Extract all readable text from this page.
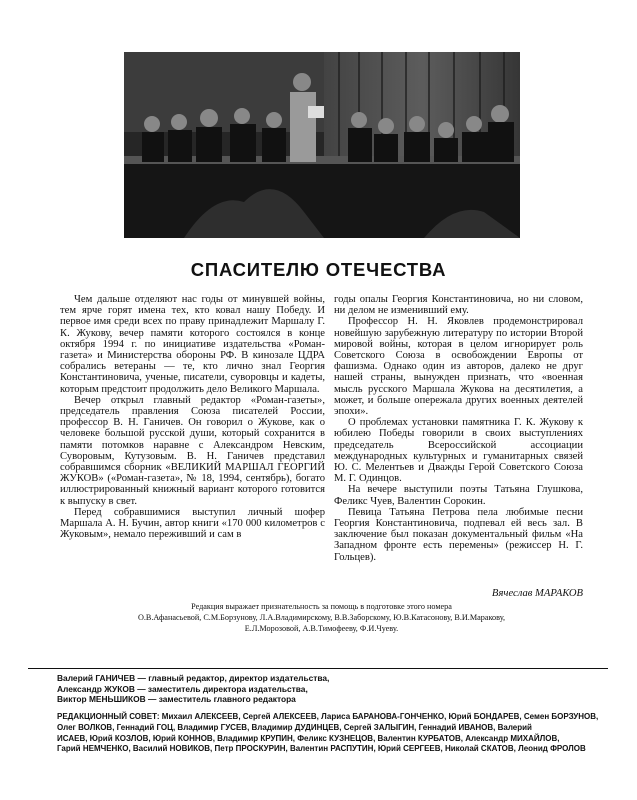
СПАСИТЕЛЮ ОТЕЧЕСТВА

Чем дальше отделяют нас годы от минувшей войны, тем ярче горят имена тех, кто ковал нашу Победу. И первое имя среди всех по праву принадлежит Маршалу Г. К. Жукову, вечер памяти которого состоялся в конце октября 1994 г. по инициативе издательства «Роман-газета» и Министерства обороны РФ. В кинозале ЦДРА собрались ветераны — те, кто лично знал Георгия Константиновича, ученые, писатели, суворовцы и кадеты, которым предстоит продолжить дело Великого Маршала.

Вечер открыл главный редактор «Роман-газеты», председатель правления Союза писателей России, профессор В. Н. Ганичев. Он говорил о Жукове, как о человеке большой русской души, который сохранится в памяти потомков наравне с Александром Невским, Суворовым, Кутузовым. В. Н. Ганичев представил собравшимся сборник «ВЕЛИКИЙ МАРШАЛ ГЕОРГИЙ ЖУКОВ» («Роман-газета», № 18, 1994, сентябрь), богато иллюстрированный книжный вариант которого готовится к выпуску в свет.

Перед собравшимися выступил личный шофер Маршала А. Н. Бучин, автор книги «170 000 километров с Жуковым», немало переживший и сам в

годы опалы Георгия Константиновича, но ни словом, ни делом не изменивший ему.

Профессор Н. Н. Яковлев продемонстрировал новейшую зарубежную литературу по истории Второй мировой войны, которая в целом игнорирует роль Советского Союза в освобождении Европы от фашизма. Однако один из авторов, далеко не друг нашей страны, вынужден признать, что «военная мысль русского Маршала Жукова на десятилетия, а может, и больше опережала других военных деятелей эпохи».

О проблемах установки памятника Г. К. Жукову к юбилею Победы говорили в своих выступлениях председатель Всероссийской ассоциации международных культурных и гуманитарных связей Ю. С. Мелентьев и Дважды Герой Советского Союза М. Г. Одинцов.

На вечере выступили поэты Татьяна Глушкова, Феликс Чуев, Валентин Сорокин.

Певица Татьяна Петрова пела любимые песни Георгия Константиновича, подпевал ей весь зал. В заключение был показан документальный фильм «На Западном фронте есть перемены» (режиссер Н. Г. Гольцев).

Вячеслав МАРАКОВ
Редакция выражает признательность за помощь в подготовке этого номера
О.В.Афанасьевой, С.М.Борзунову, Л.А.Владимирскому, В.В.Заборскому, Ю.В.Катасонову, В.И.Маракову,
Е.Л.Морозовой, А.В.Тимофееву, Ф.И.Чуеву.
Валерий ГАНИЧЕВ — главный редактор, директор издательства,
Александр ЖУКОВ — заместитель директора издательства,
Виктор МЕНЬШИКОВ — заместитель главного редактора
РЕДАКЦИОННЫЙ СОВЕТ: Михаил АЛЕКСЕЕВ, Сергей АЛЕКСЕЕВ, Лариса БАРАНОВА-ГОНЧЕНКО, Юрий БОНДАРЕВ, Семен БОРЗУНОВ,
Олег ВОЛКОВ, Геннадий ГОЦ, Владимир ГУСЕВ, Владимир ДУДИНЦЕВ, Сергей ЗАЛЫГИН, Геннадий ИВАНОВ, Валерий
ИСАЕВ, Юрий КОЗЛОВ, Юрий КОННОВ, Владимир КРУПИН, Феликс КУЗНЕЦОВ, Валентин КУРБАТОВ, Александр МИХАЙЛОВ,
Гарий НЕМЧЕНКО, Василий НОВИКОВ, Петр ПРОСКУРИН, Валентин РАСПУТИН, Юрий СЕРГЕЕВ, Николай СКАТОВ, Леонид ФРОЛОВ
